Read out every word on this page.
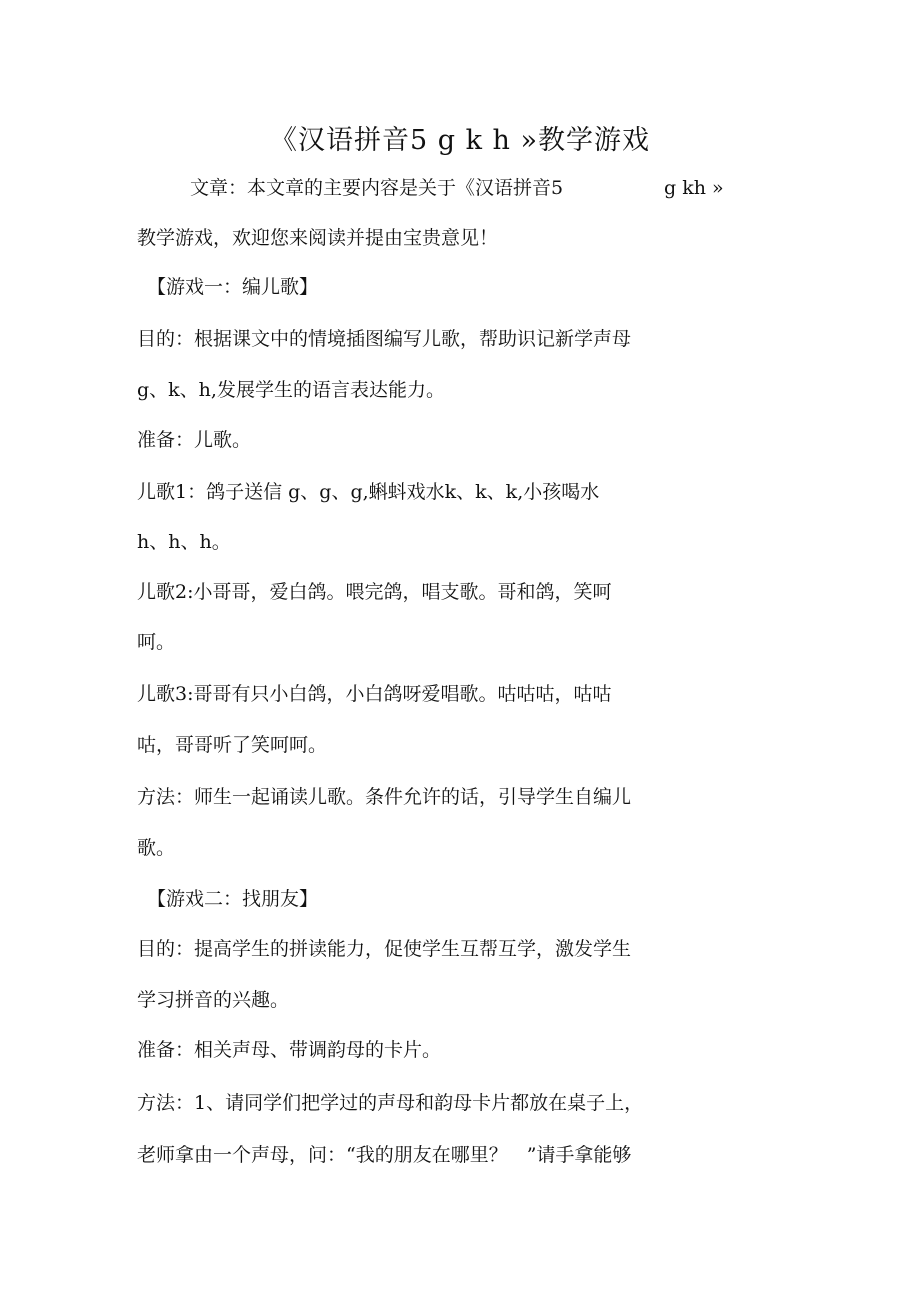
《汉语拼音5 g k h »教学游戏
文章：本文章的主要内容是关于《汉语拼音5	g kh »
教学游戏，欢迎您来阅读并提由宝贵意见！
【游戏一：编儿歌】
目的：根据课文中的情境插图编写儿歌，帮助识记新学声母
g、k、h,发展学生的语言表达能力。
准备：儿歌。
儿歌1：鸽子送信 g、g、g,蝌蚪戏水k、k、k,小孩喝水
h、h、h。
儿歌2:小哥哥，爱白鸽。喂完鸽，唱支歌。哥和鸽，笑呵
呵。
儿歌3:哥哥有只小白鸽，小白鸽呀爱唱歌。咕咕咕，咕咕
咕，哥哥听了笑呵呵。
方法：师生一起诵读儿歌。条件允许的话，引导学生自编儿
歌。
【游戏二：找朋友】
目的：提高学生的拼读能力，促使学生互帮互学，激发学生
学习拼音的兴趣。
准备：相关声母、带调韵母的卡片。
方法：1、请同学们把学过的声母和韵母卡片都放在桌子上，
老师拿由一个声母，问：“我的朋友在哪里？　”请手拿能够
